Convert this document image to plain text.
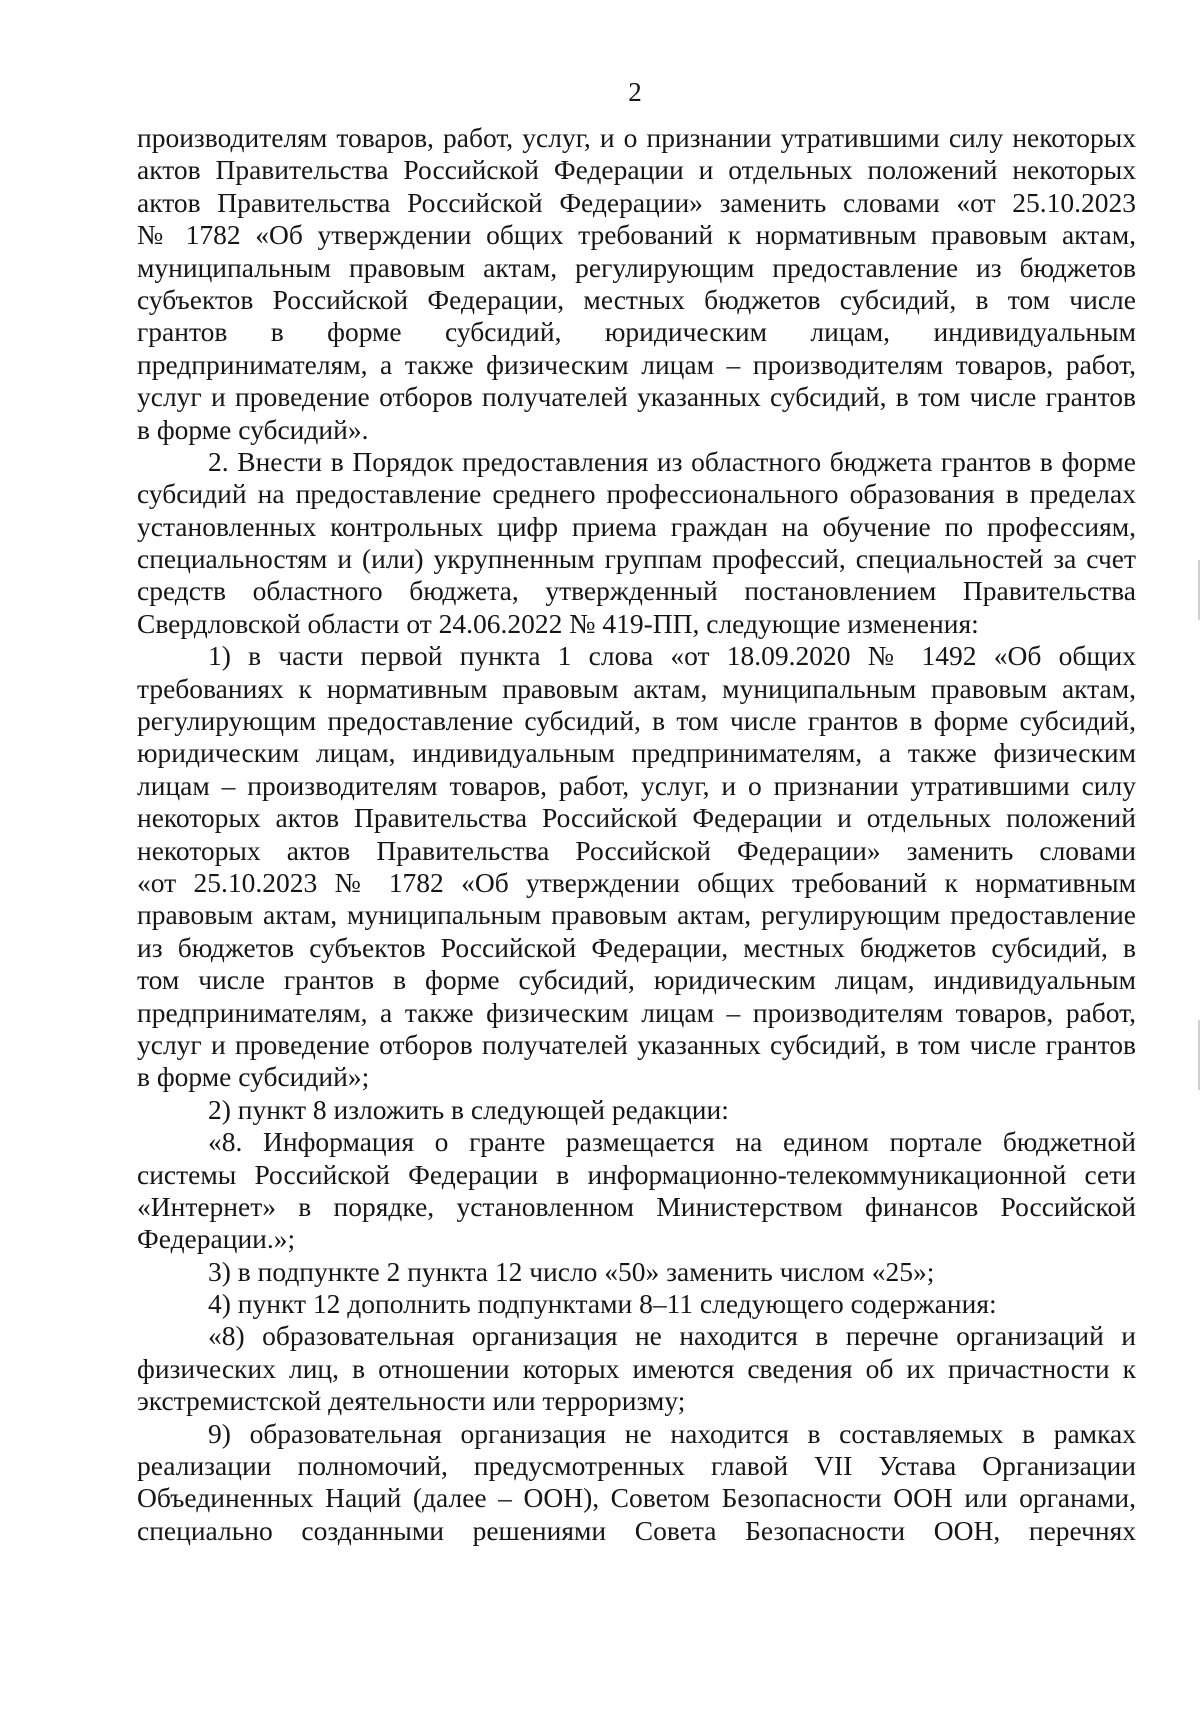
2
производителям товаров, работ, услуг, и о признании утратившими силу некоторых
актов Правительства Российской Федерации и отдельных положений некоторых
актов Правительства Российской Федерации» заменить словами «от 25.10.2023
№ 1782 «Об утверждении общих требований к нормативным правовым актам,
муниципальным правовым актам, регулирующим предоставление из бюджетов
субъектов Российской Федерации, местных бюджетов субсидий, в том числе
грантов в форме субсидий, юридическим лицам, индивидуальным
предпринимателям, а также физическим лицам – производителям товаров, работ,
услуг и проведение отборов получателей указанных субсидий, в том числе грантов
в форме субсидий».
2. Внести в Порядок предоставления из областного бюджета грантов в форме
субсидий на предоставление среднего профессионального образования в пределах
установленных контрольных цифр приема граждан на обучение по профессиям,
специальностям и (или) укрупненным группам профессий, специальностей за счет
средств областного бюджета, утвержденный постановлением Правительства
Свердловской области от 24.06.2022 № 419-ПП, следующие изменения:
1) в части первой пункта 1 слова «от 18.09.2020 № 1492 «Об общих
требованиях к нормативным правовым актам, муниципальным правовым актам,
регулирующим предоставление субсидий, в том числе грантов в форме субсидий,
юридическим лицам, индивидуальным предпринимателям, а также физическим
лицам – производителям товаров, работ, услуг, и о признании утратившими силу
некоторых актов Правительства Российской Федерации и отдельных положений
некоторых актов Правительства Российской Федерации» заменить словами
«от 25.10.2023 № 1782 «Об утверждении общих требований к нормативным
правовым актам, муниципальным правовым актам, регулирующим предоставление
из бюджетов субъектов Российской Федерации, местных бюджетов субсидий, в
том числе грантов в форме субсидий, юридическим лицам, индивидуальным
предпринимателям, а также физическим лицам – производителям товаров, работ,
услуг и проведение отборов получателей указанных субсидий, в том числе грантов
в форме субсидий»;
2) пункт 8 изложить в следующей редакции:
«8. Информация о гранте размещается на едином портале бюджетной
системы Российской Федерации в информационно-телекоммуникационной сети
«Интернет» в порядке, установленном Министерством финансов Российской
Федерации.»;
3) в подпункте 2 пункта 12 число «50» заменить числом «25»;
4) пункт 12 дополнить подпунктами 8–11 следующего содержания:
«8) образовательная организация не находится в перечне организаций и
физических лиц, в отношении которых имеются сведения об их причастности к
экстремистской деятельности или терроризму;
9) образовательная организация не находится в составляемых в рамках
реализации полномочий, предусмотренных главой VII Устава Организации
Объединенных Наций (далее – ООН), Советом Безопасности ООН или органами,
специально созданными решениями Совета Безопасности ООН, перечнях
